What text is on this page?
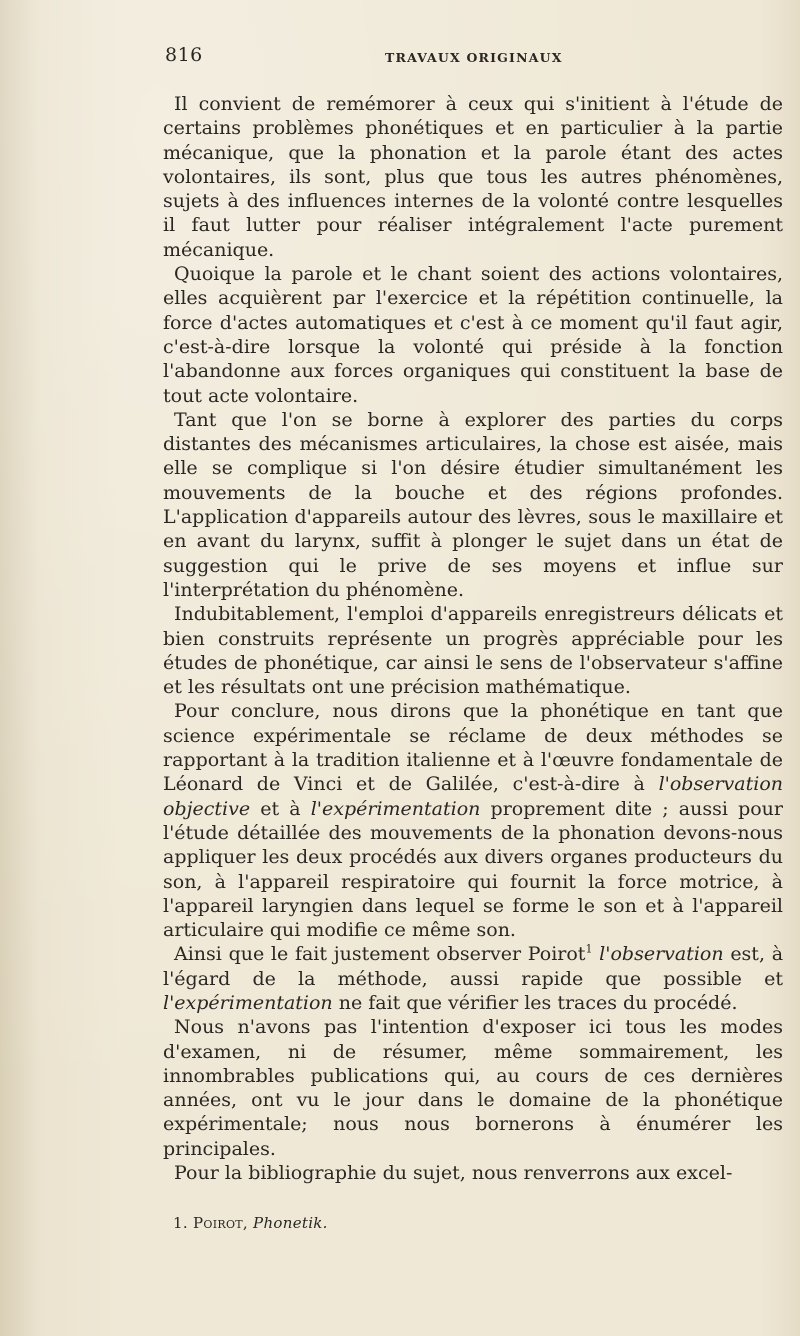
816	TRAVAUX ORIGINAUX

Il convient de remémorer à ceux qui s'initient à l'étude de certains problèmes phonétiques et en particulier à la partie mécanique, que la phonation et la parole étant des actes volontaires, ils sont, plus que tous les autres phénomènes, sujets à des influences internes de la volonté contre lesquelles il faut lutter pour réaliser intégralement l'acte purement mécanique.

Quoique la parole et le chant soient des actions volontaires, elles acquièrent par l'exercice et la répétition continuelle, la force d'actes automatiques et c'est à ce moment qu'il faut agir, c'est-à-dire lorsque la volonté qui préside à la fonction l'abandonne aux forces organiques qui constituent la base de tout acte volontaire.

Tant que l'on se borne à explorer des parties du corps distantes des mécanismes articulaires, la chose est aisée, mais elle se complique si l'on désire étudier simultanément les mouvements de la bouche et des régions profondes. L'application d'appareils autour des lèvres, sous le maxillaire et en avant du larynx, suffit à plonger le sujet dans un état de suggestion qui le prive de ses moyens et influe sur l'interprétation du phénomène.

Indubitablement, l'emploi d'appareils enregistreurs délicats et bien construits représente un progrès appréciable pour les études de phonétique, car ainsi le sens de l'observateur s'affine et les résultats ont une précision mathématique.

Pour conclure, nous dirons que la phonétique en tant que science expérimentale se réclame de deux méthodes se rapportant à la tradition italienne et à l'œuvre fondamentale de Léonard de Vinci et de Galilée, c'est-à-dire à l'observation objective et à l'expérimentation proprement dite ; aussi pour l'étude détaillée des mouvements de la phonation devons-nous appliquer les deux procédés aux divers organes producteurs du son, à l'appareil respiratoire qui fournit la force motrice, à l'appareil laryngien dans lequel se forme le son et à l'appareil articulaire qui modifie ce même son.

Ainsi que le fait justement observer Poirot$^1$ l'observation est, à l'égard de la méthode, aussi rapide que possible et l'expérimentation ne fait que vérifier les traces du procédé.

Nous n'avons pas l'intention d'exposer ici tous les modes d'examen, ni de résumer, même sommairement, les innombrables publications qui, au cours de ces dernières années, ont vu le jour dans le domaine de la phonétique expérimentale; nous nous bornerons à énumérer les principales.

Pour la bibliographie du sujet, nous renverrons aux excel-

1. Poirot, Phonetik.
